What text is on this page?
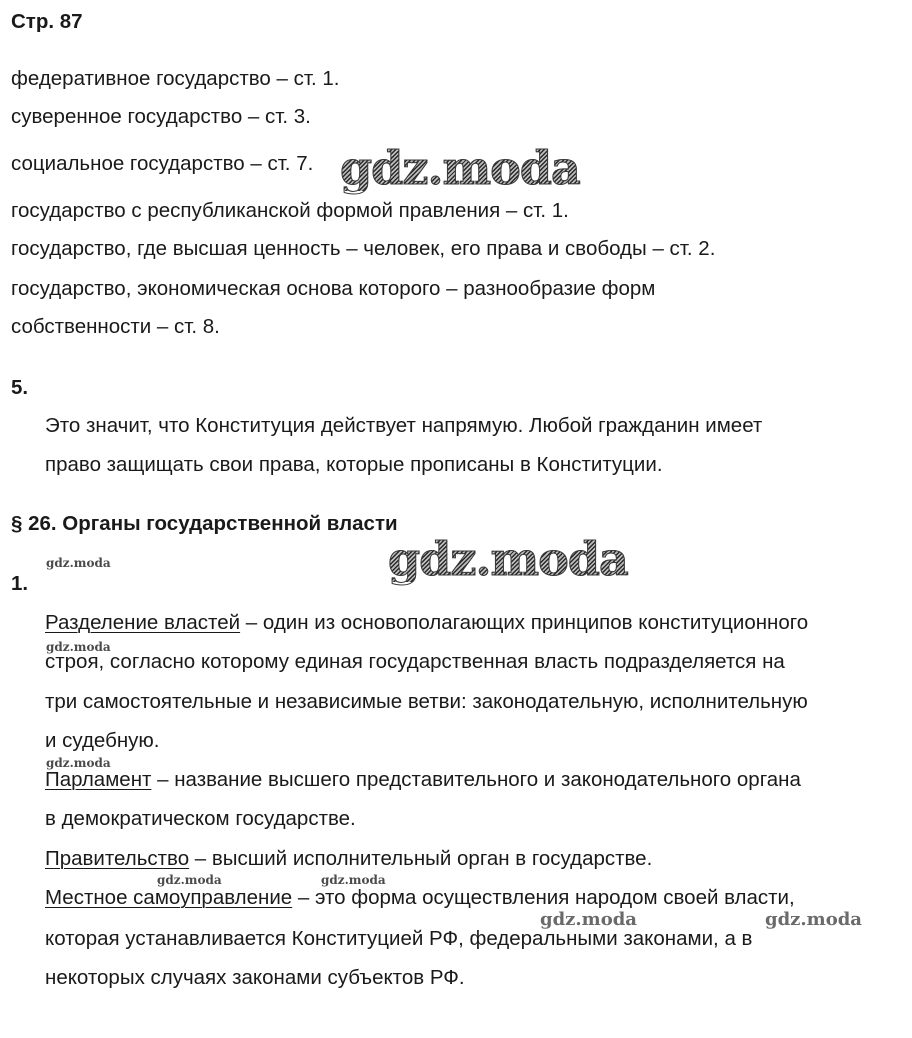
Стр. 87
федеративное государство – ст. 1.
суверенное государство – ст. 3.
социальное государство – ст. 7.
государство с республиканской формой правления – ст. 1.
государство, где высшая ценность – человек, его права и свободы – ст. 2.
государство, экономическая основа которого – разнообразие форм
собственности – ст. 8.
5.
Это значит, что Конституция действует напрямую. Любой гражданин имеет
право защищать свои права, которые прописаны в Конституции.
§ 26. Органы государственной власти
1.
Разделение властей – один из основополагающих принципов конституционного
строя, согласно которому единая государственная власть подразделяется на
три самостоятельные и независимые ветви: законодательную, исполнительную
и судебную.
Парламент – название высшего представительного и законодательного органа
в демократическом государстве.
Правительство – высший исполнительный орган в государстве.
Местное самоуправление – это форма осуществления народом своей власти,
которая устанавливается Конституцией РФ, федеральными законами, а в
некоторых случаях законами субъектов РФ.
gdz.moda
gdz.moda
gdz.moda
gdz.moda
gdz.moda
gdz.moda	gdz.moda
gdz.moda	gdz.moda
